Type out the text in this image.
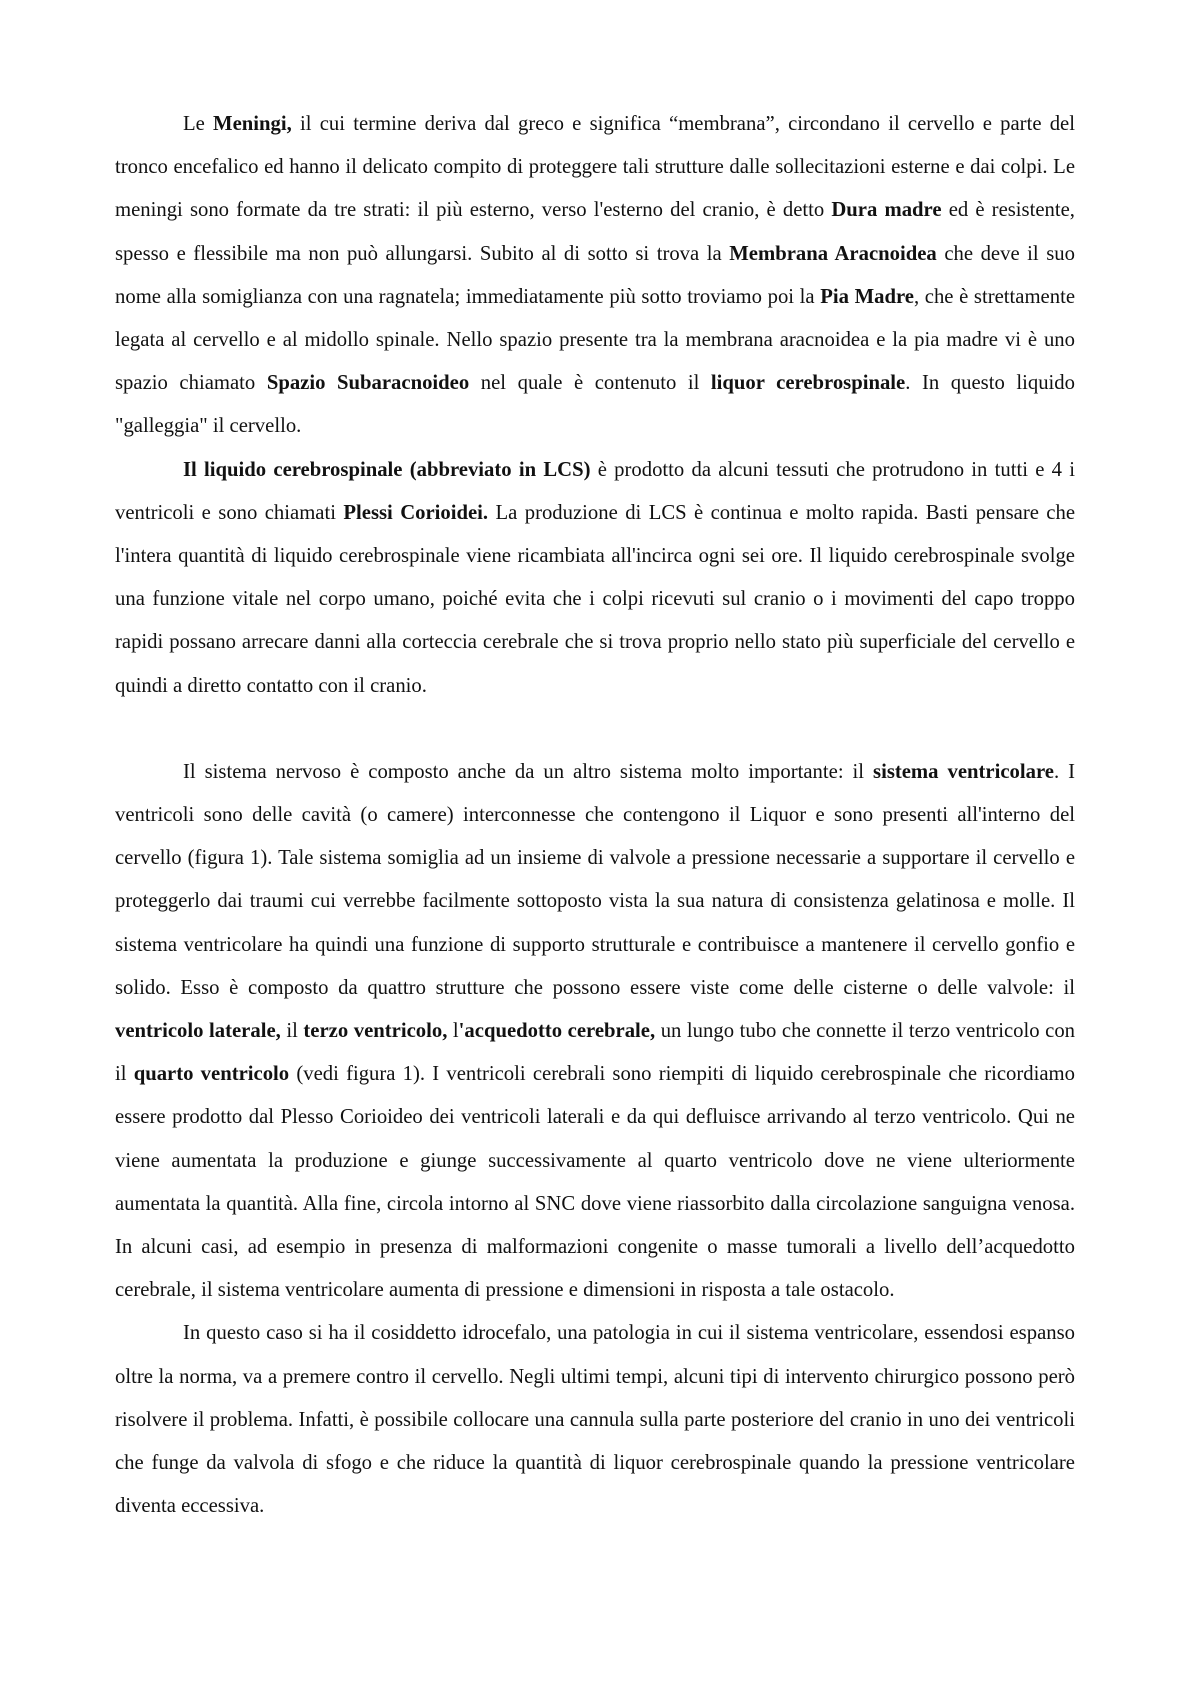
Le Meningi, il cui termine deriva dal greco e significa “membrana”, circondano il cervello e parte del tronco encefalico ed hanno il delicato compito di proteggere tali strutture dalle sollecitazioni esterne e dai colpi. Le meningi sono formate da tre strati: il più esterno, verso l'esterno del cranio, è detto Dura madre ed è resistente, spesso e flessibile ma non può allungarsi. Subito al di sotto si trova la Membrana Aracnoidea che deve il suo nome alla somiglianza con una ragnatela; immediatamente più sotto troviamo poi la Pia Madre, che è strettamente legata al cervello e al midollo spinale. Nello spazio presente tra la membrana aracnoidea e la pia madre vi è uno spazio chiamato Spazio Subaracnoideo nel quale è contenuto il liquor cerebrospinale. In questo liquido "galleggia" il cervello.

Il liquido cerebrospinale (abbreviato in LCS) è prodotto da alcuni tessuti che protrudono in tutti e 4 i ventricoli e sono chiamati Plessi Corioidei. La produzione di LCS è continua e molto rapida. Basti pensare che l'intera quantità di liquido cerebrospinale viene ricambiata all'incirca ogni sei ore. Il liquido cerebrospinale svolge una funzione vitale nel corpo umano, poiché evita che i colpi ricevuti sul cranio o i movimenti del capo troppo rapidi possano arrecare danni alla corteccia cerebrale che si trova proprio nello stato più superficiale del cervello e quindi a diretto contatto con il cranio.

Il sistema nervoso è composto anche da un altro sistema molto importante: il sistema ventricolare. I ventricoli sono delle cavità (o camere) interconnesse che contengono il Liquor e sono presenti all'interno del cervello (figura 1). Tale sistema somiglia ad un insieme di valvole a pressione necessarie a supportare il cervello e proteggerlo dai traumi cui verrebbe facilmente sottoposto vista la sua natura di consistenza gelatinosa e molle. Il sistema ventricolare ha quindi una funzione di supporto strutturale e contribuisce a mantenere il cervello gonfio e solido. Esso è composto da quattro strutture che possono essere viste come delle cisterne o delle valvole: il ventricolo laterale, il terzo ventricolo, l'acquedotto cerebrale, un lungo tubo che connette il terzo ventricolo con il quarto ventricolo (vedi figura 1). I ventricoli cerebrali sono riempiti di liquido cerebrospinale che ricordiamo essere prodotto dal Plesso Corioideo dei ventricoli laterali e da qui defluisce arrivando al terzo ventricolo. Qui ne viene aumentata la produzione e giunge successivamente al quarto ventricolo dove ne viene ulteriormente aumentata la quantità. Alla fine, circola intorno al SNC dove viene riassorbito dalla circolazione sanguigna venosa. In alcuni casi, ad esempio in presenza di malformazioni congenite o masse tumorali a livello dell’acquedotto cerebrale, il sistema ventricolare aumenta di pressione e dimensioni in risposta a tale ostacolo.

In questo caso si ha il cosiddetto idrocefalo, una patologia in cui il sistema ventricolare, essendosi espanso oltre la norma, va a premere contro il cervello. Negli ultimi tempi, alcuni tipi di intervento chirurgico possono però risolvere il problema. Infatti, è possibile collocare una cannula sulla parte posteriore del cranio in uno dei ventricoli che funge da valvola di sfogo e che riduce la quantità di liquor cerebrospinale quando la pressione ventricolare diventa eccessiva.
